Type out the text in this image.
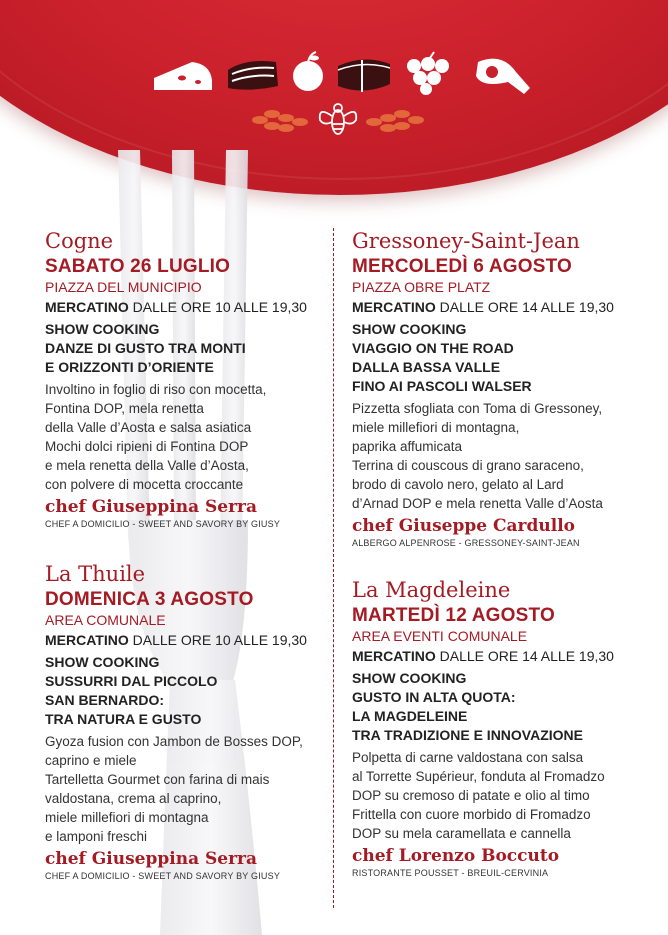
Cogne
SABATO 26 LUGLIO
PIAZZA DEL MUNICIPIO
MERCATINO DALLE ORE 10 ALLE 19,30
SHOW COOKING
DANZE DI GUSTO TRA MONTI
E ORIZZONTI D’ORIENTE
Involtino in foglio di riso con mocetta,
Fontina DOP, mela renetta
della Valle d’Aosta e salsa asiatica
Mochi dolci ripieni di Fontina DOP
e mela renetta della Valle d’Aosta,
con polvere di mocetta croccante
chef Giuseppina Serra
CHEF A DOMICILIO - SWEET AND SAVORY BY GIUSY
La Thuile
DOMENICA 3 AGOSTO
AREA COMUNALE
MERCATINO DALLE ORE 10 ALLE 19,30
SHOW COOKING
SUSSURRI DAL PICCOLO
SAN BERNARDO:
TRA NATURA E GUSTO
Gyoza fusion con Jambon de Bosses DOP,
caprino e miele
Tartelletta Gourmet con farina di mais
valdostana, crema al caprino,
miele millefiori di montagna
e lamponi freschi
chef Giuseppina Serra
CHEF A DOMICILIO - SWEET AND SAVORY BY GIUSY
Gressoney-Saint-Jean
MERCOLEDÌ 6 AGOSTO
PIAZZA OBRE PLATZ
MERCATINO DALLE ORE 14 ALLE 19,30
SHOW COOKING
VIAGGIO ON THE ROAD
DALLA BASSA VALLE
FINO AI PASCOLI WALSER
Pizzetta sfogliata con Toma di Gressoney,
miele millefiori di montagna,
paprika affumicata
Terrina di couscous di grano saraceno,
brodo di cavolo nero, gelato al Lard
d’Arnad DOP e mela renetta Valle d’Aosta
chef Giuseppe Cardullo
ALBERGO ALPENROSE - GRESSONEY-SAINT-JEAN
La Magdeleine
MARTEDÌ 12 AGOSTO
AREA EVENTI COMUNALE
MERCATINO DALLE ORE 14 ALLE 19,30
SHOW COOKING
GUSTO IN ALTA QUOTA:
LA MAGDELEINE
TRA TRADIZIONE E INNOVAZIONE
Polpetta di carne valdostana con salsa
al Torrette Supérieur, fonduta al Fromadzo
DOP su cremoso di patate e olio al timo
Frittella con cuore morbido di Fromadzo
DOP su mela caramellata e cannella
chef Lorenzo Boccuto
RISTORANTE POUSSET - BREUIL-CERVINIA
